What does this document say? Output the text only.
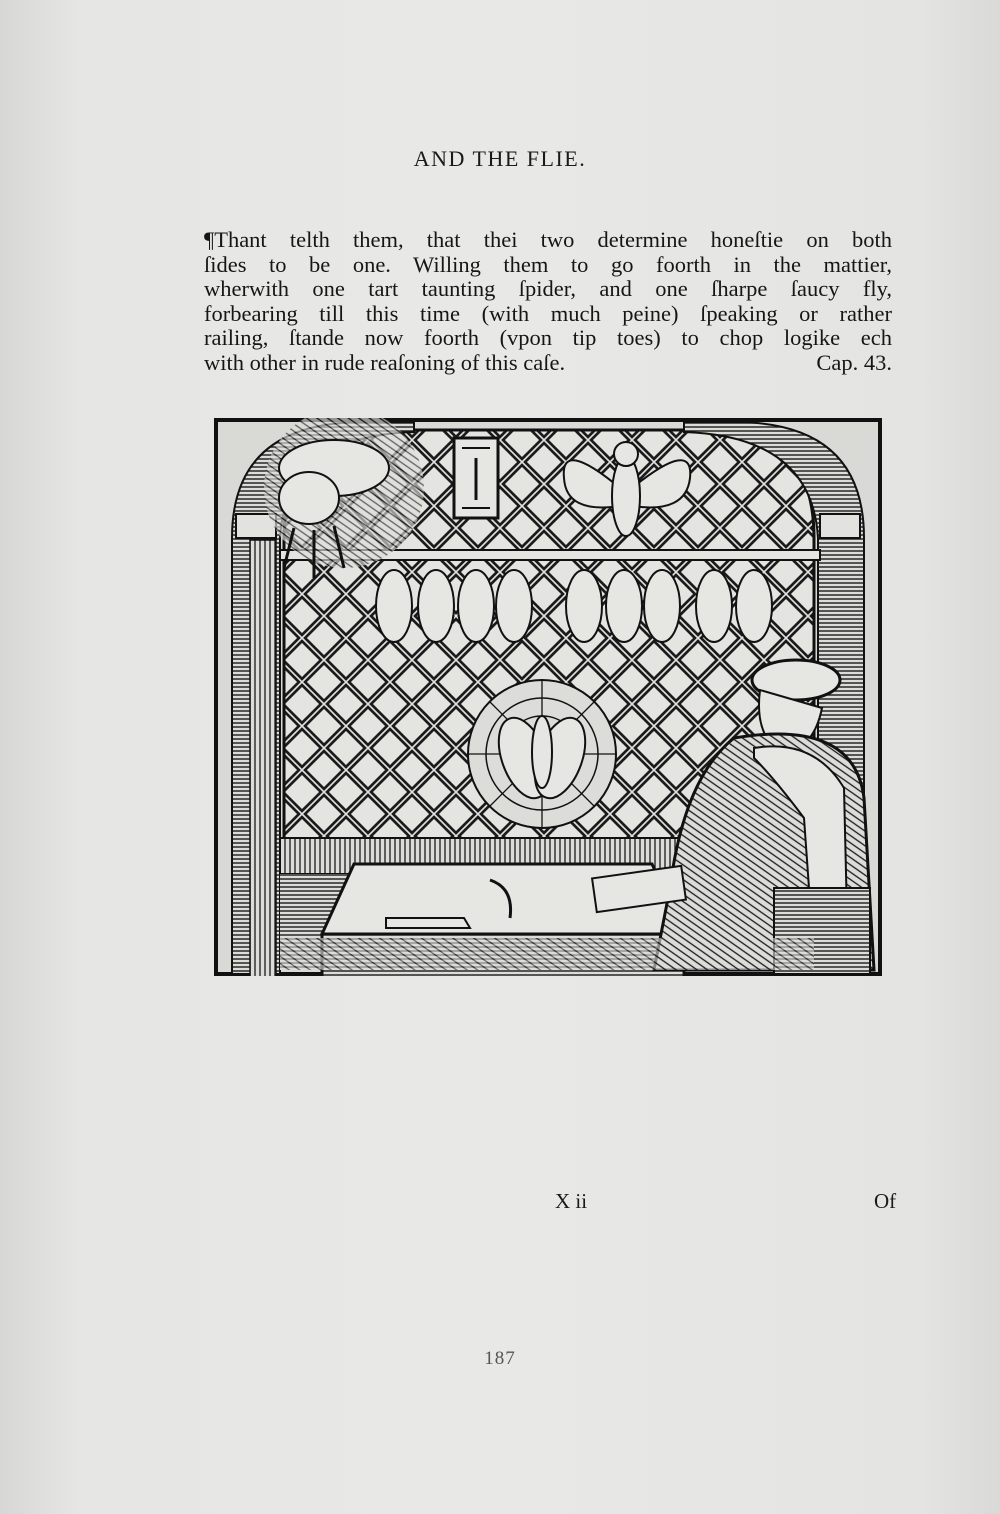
AND THE FLIE.
¶Thant telth them, that thei two determine honeſtie on both
ſides to be one. Willing them to go foorth in the mattier,
wherwith one tart taunting ſpider, and one ſharpe ſaucy fly,
forbearing till this time (with much peine) ſpeaking or rather
railing, ſtande now foorth (vpon tip toes) to chop logike ech
with other in rude reaſoning of this caſe.	Cap. 43.
X ii	Of
187
